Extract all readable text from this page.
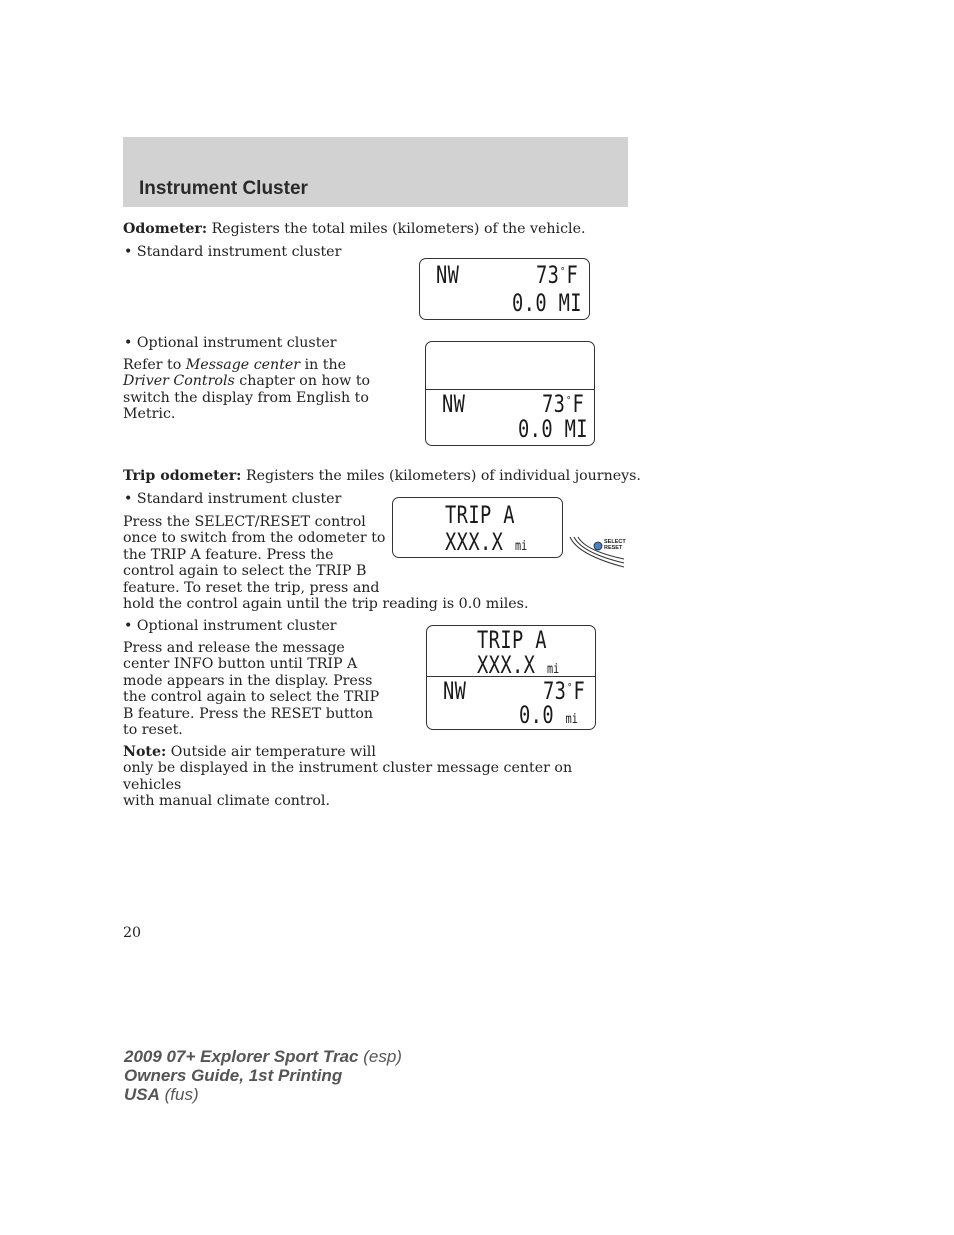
Instrument Cluster
Odometer: Registers the total miles (kilometers) of the vehicle.
• Standard instrument cluster
NW	73°F
0.0 MI
• Optional instrument cluster
Refer to Message center in the
Driver Controls chapter on how to
switch the display from English to
Metric.	NW	73°F
0.0 MI
Trip odometer: Registers the miles (kilometers) of individual journeys.
• Standard instrument cluster
Press the SELECT/RESET control
once to switch from the odometer to
the TRIP A feature. Press the
control again to select the TRIP B
feature. To reset the trip, press and
hold the control again until the trip reading is 0.0 miles.
TRIP A
XXX.X mi	SELECT
RESET
• Optional instrument cluster
Press and release the message
center INFO button until TRIP A
mode appears in the display. Press
the control again to select the TRIP
B feature. Press the RESET button
to reset.
TRIP A
XXX.X mi
NW	73°F
0.0 mi
Note: Outside air temperature will
only be displayed in the instrument cluster message center on vehicles
with manual climate control.
20
2009 07+ Explorer Sport Trac (esp)
Owners Guide, 1st Printing
USA (fus)
